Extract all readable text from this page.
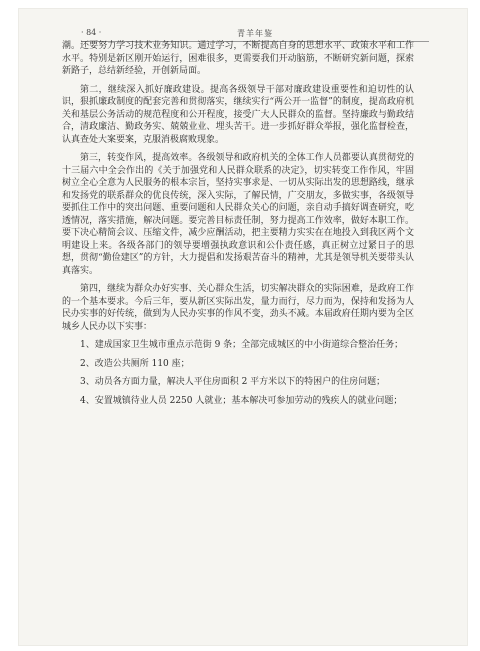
· 84 ·	青羊年鉴

潮。还要努力学习技术业务知识。通过学习，不断提高自身的思想水平、政策水平和工作水平。特别是新区刚开始运行，困难很多，更需要我们开动脑筋，不断研究新问题，探索新路子，总结新经验，开创新局面。

第二，继续深入抓好廉政建设。提高各级领导干部对廉政建设重要性和迫切性的认识，狠抓廉政制度的配套完善和贯彻落实，继续实行“两公开一监督”的制度，提高政府机关和基层公务活动的规范程度和公开程度，接受广大人民群众的监督。坚持廉政与勤政结合，清政廉洁、勤政务实、兢兢业业、埋头苦干。进一步抓好群众举报，强化监督检查，认真查处大案要案，克服消极腐败现象。

第三，转变作风，提高效率。各级领导和政府机关的全体工作人员都要认真贯彻党的十三届六中全会作出的《关于加强党和人民群众联系的决定》，切实转变工作作风，牢固树立全心全意为人民服务的根本宗旨，坚持实事求是、一切从实际出发的思想路线，继承和发扬党的联系群众的优良传统，深入实际，了解民情，广交朋友，多做实事，各级领导要抓住工作中的突出问题、重要问题和人民群众关心的问题，亲自动手搞好调查研究，吃透情况，落实措施，解决问题。要完善目标责任制，努力提高工作效率，做好本职工作。要下决心精简会议、压缩文件，减少应酬活动，把主要精力实实在在地投入到我区两个文明建设上来。各级各部门的领导要增强执政意识和公仆责任感，真正树立过紧日子的思想，贯彻“勤俭建区”的方针，大力提倡和发扬艰苦奋斗的精神，尤其是领导机关要带头认真落实。

第四，继续为群众办好实事、关心群众生活，切实解决群众的实际困难，是政府工作的一个基本要求。今后三年，要从新区实际出发，量力而行，尽力而为，保持和发扬为人民办实事的好传统，做到为人民办实事的作风不变，劲头不减。本届政府任期内要为全区城乡人民办以下实事：

1、建成国家卫生城市重点示范街 9 条；全部完成城区的中小街道综合整治任务；

2、改造公共厕所 110 座；

3、动员各方面力量，解决人平住房面积 2 平方米以下的特困户的住房问题；

4、安置城镇待业人员 2250 人就业；基本解决可参加劳动的残疾人的就业问题；
